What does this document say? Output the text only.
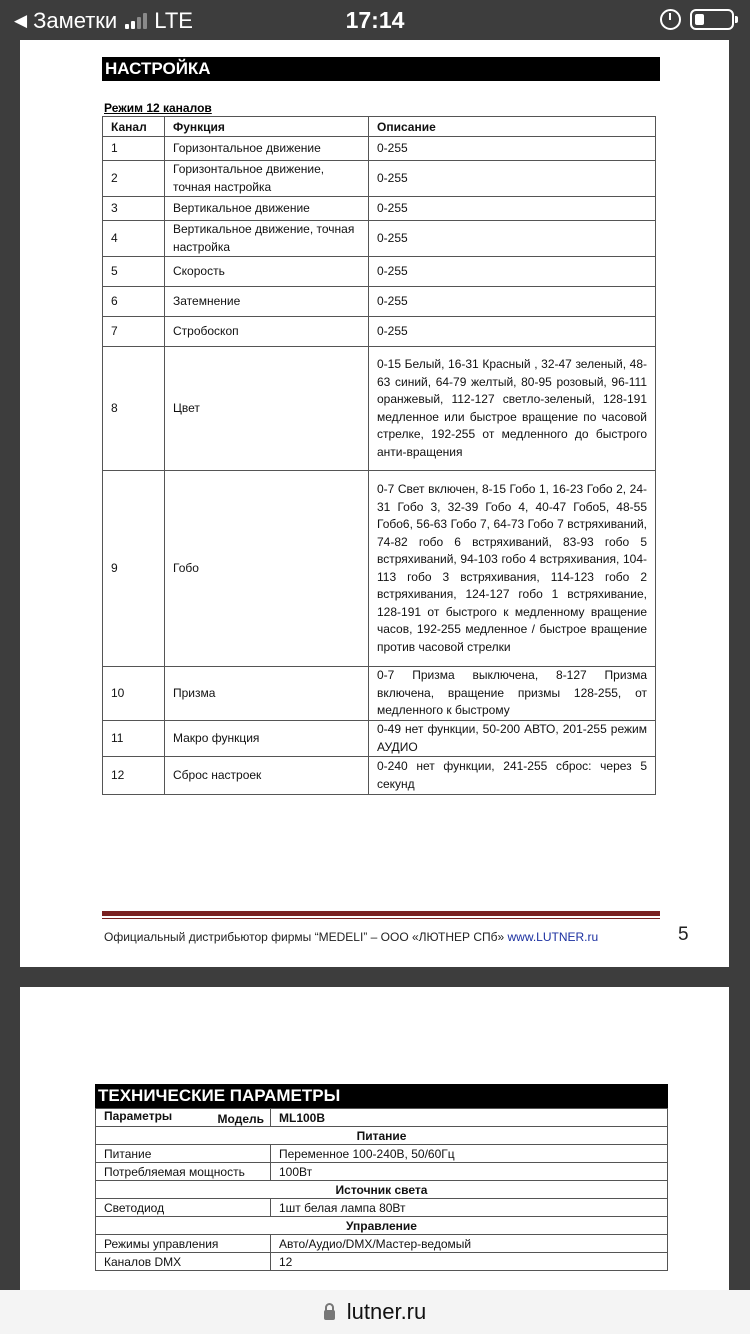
◀ Заметки LTE	17:14
НАСТРОЙКА
Режим 12 каналов
Канал	Функция	Описание
1	Горизонтальное движение	0-255
2	Горизонтальное движение, точная настройка	0-255
3	Вертикальное движение	0-255
4	Вертикальное движение, точная настройка	0-255
5	Скорость	0-255
6	Затемнение	0-255
7	Стробоскоп	0-255
8	Цвет	0-15 Белый, 16-31 Красный , 32-47 зеленый, 48-63 синий, 64-79 желтый, 80-95 розовый, 96-111 оранжевый, 112-127 светло-зеленый, 128-191 медленное или быстрое вращение по часовой стрелке, 192-255 от медленного до быстрого анти-вращения
9	Гобо	0-7 Свет включен, 8-15 Гобо 1, 16-23 Гобо 2, 24-31 Гобо 3, 32-39 Гобо 4, 40-47 Гобо5, 48-55 Гобо6, 56-63 Гобо 7, 64-73 Гобо 7 встряхиваний, 74-82 гобо 6 встряхиваний, 83-93 гобо 5 встряхиваний, 94-103 гобо 4 встряхивания, 104-113 гобо 3 встряхивания, 114-123 гобо 2 встряхивания, 124-127 гобо 1 встряхивание, 128-191 от быстрого к медленному вращение часов, 192-255 медленное / быстрое вращение против часовой стрелки
10	Призма	0-7 Призма выключена, 8-127 Призма включена, вращение призмы 128-255, от медленного к быстрому
11	Макро функция	0-49 нет функции, 50-200 АВТО, 201-255 режим АУДИО
12	Сброс настроек	0-240 нет функции, 241-255 сброс: через 5 секунд
Официальный дистрибьютор фирмы “MEDELI” – ООО «ЛЮТНЕР СПб» www.LUTNER.ru	5
ТЕХНИЧЕСКИЕ ПАРАМЕТРЫ
Модель
Параметры	ML100B
Питание	
Питание	Переменное 100-240В, 50/60Гц
Потребляемая мощность	100Вт
Источник света	
Светодиод	1шт белая лампа 80Вт
Управление	
Режимы управления	Авто/Аудио/DMX/Мастер-ведомый
Каналов DMX	12
lutner.ru
